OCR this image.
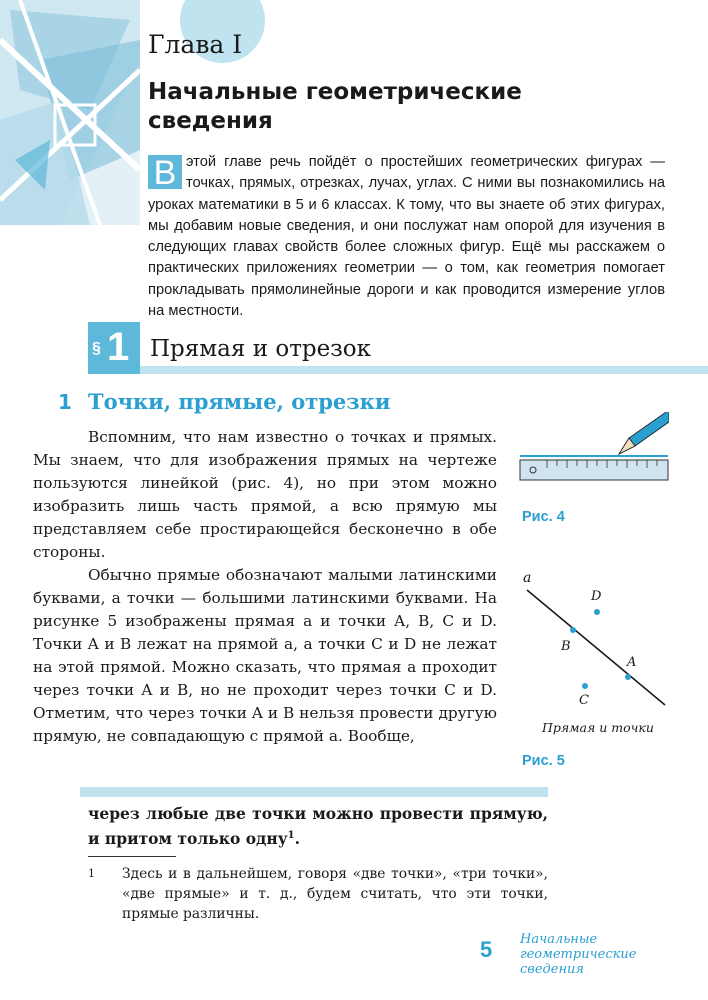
Глава I
Начальные геометрические
сведения
В этой главе речь пойдёт о простейших геометрических фигурах — точках, прямых, отрезках, лучах, углах. С ними вы познакомились на уроках математики в 5 и 6 классах. К тому, что вы знаете об этих фигурах, мы добавим новые сведения, и они послужат нам опорой для изучения в следующих главах свойств более сложных фигур. Ещё мы расскажем о практических приложениях геометрии — о том, как геометрия помогает прокладывать прямолинейные дороги и как проводится измерение углов на местности.
§ 1 Прямая и отрезок
1 Точки, прямые, отрезки

Вспомним, что нам известно о точках и прямых. Мы знаем, что для изображения прямых на чертеже пользуются линейкой (рис. 4), но при этом можно изобразить лишь часть прямой, а всю прямую мы представляем себе простирающейся бесконечно в обе стороны.

Обычно прямые обозначают малыми латинскими буквами, а точки — большими латинскими буквами. На рисунке 5 изображены прямая a и точки A, B, C и D. Точки A и B лежат на прямой a, а точки C и D не лежат на этой прямой. Можно сказать, что прямая a проходит через точки A и B, но не проходит через точки C и D. Отметим, что через точки A и B нельзя провести другую прямую, не совпадающую с прямой a. Вообще,

Рис. 4
a
D
B
A
C
Прямая и точки
Рис. 5
через любые две точки можно провести прямую, и притом только одну$^1$.
1	Здесь и в дальнейшем, говоря «две точки», «три точки», «две прямые» и т. д., будем считать, что эти точки, прямые различны.
5 Начальные
геометрические
сведения
